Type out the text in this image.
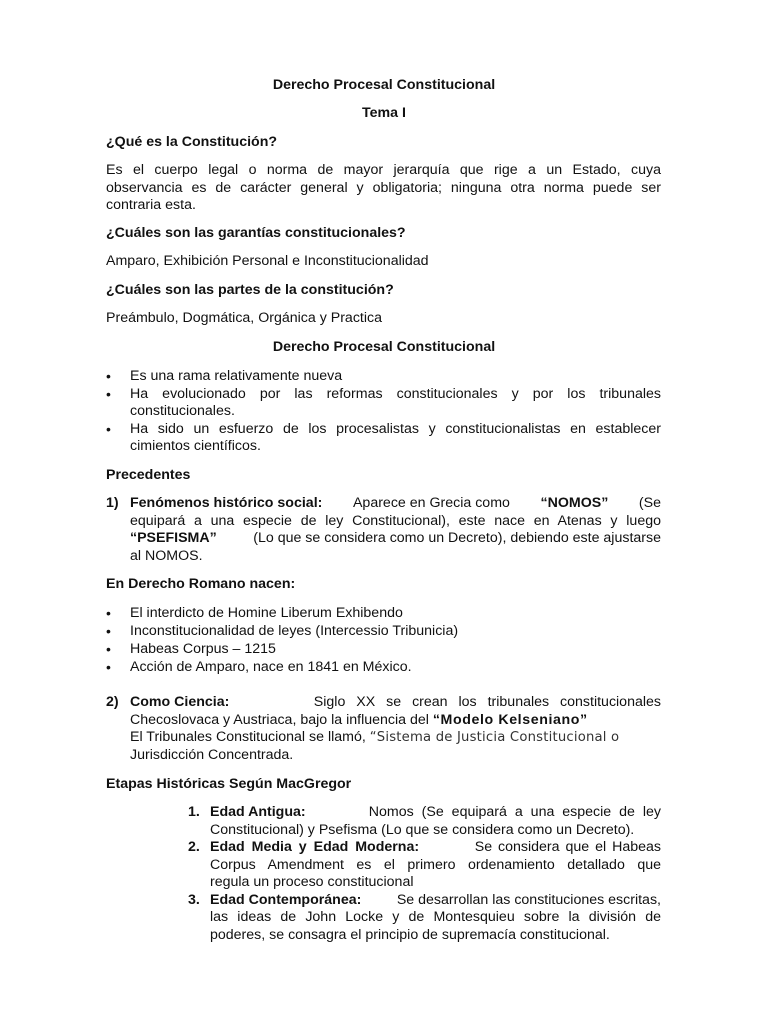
Derecho Procesal Constitucional
Tema I
¿Qué es la Constitución?
Es el cuerpo legal o norma de mayor jerarquía que rige a un Estado, cuya
observancia es de carácter general y obligatoria; ninguna otra norma puede ser
contraria esta.
¿Cuáles son las garantías constitucionales?
Amparo, Exhibición Personal e Inconstitucionalidad
¿Cuáles son las partes de la constitución?
Preámbulo, Dogmática, Orgánica y Practica
Derecho Procesal Constitucional
• Es una rama relativamente nueva
• Ha evolucionado por las reformas constitucionales y por los tribunales
constitucionales.
• Ha sido un esfuerzo de los procesalistas y constitucionalistas en establecer
cimientos científicos.
Precedentes
1) Fenómenos histórico social: Aparece en Grecia como “NOMOS” (Se
equipará a una especie de ley Constitucional), este nace en Atenas y luego
“PSEFISMA”	(Lo que se considera como un Decreto), debiendo este ajustarse
al NOMOS.
En Derecho Romano nacen:
• El interdicto de Homine Liberum Exhibendo
• Inconstitucionalidad de leyes (Intercessio Tribunicia)
• Habeas Corpus – 1215
• Acción de Amparo, nace en 1841 en México.
2) Como Ciencia:	Siglo XX se crean los tribunales constitucionales
Checoslovaca y Austriaca, bajo la influencia del “Modelo Kelseniano”
El Tribunales Constitucional se llamó, “Sistema de Justicia Constitucional o
Jurisdicción Concentrada.
Etapas Históricas Según MacGregor
1. Edad Antigua:	Nomos (Se equipará a una especie de ley
Constitucional) y Psefisma (Lo que se considera como un Decreto).
2. Edad Media y Edad Moderna:	Se considera que el Habeas
Corpus Amendment es el primero ordenamiento detallado que
regula un proceso constitucional
3. Edad Contemporánea: Se desarrollan las constituciones escritas,
las ideas de John Locke y de Montesquieu sobre la división de
poderes, se consagra el principio de supremacía constitucional.
